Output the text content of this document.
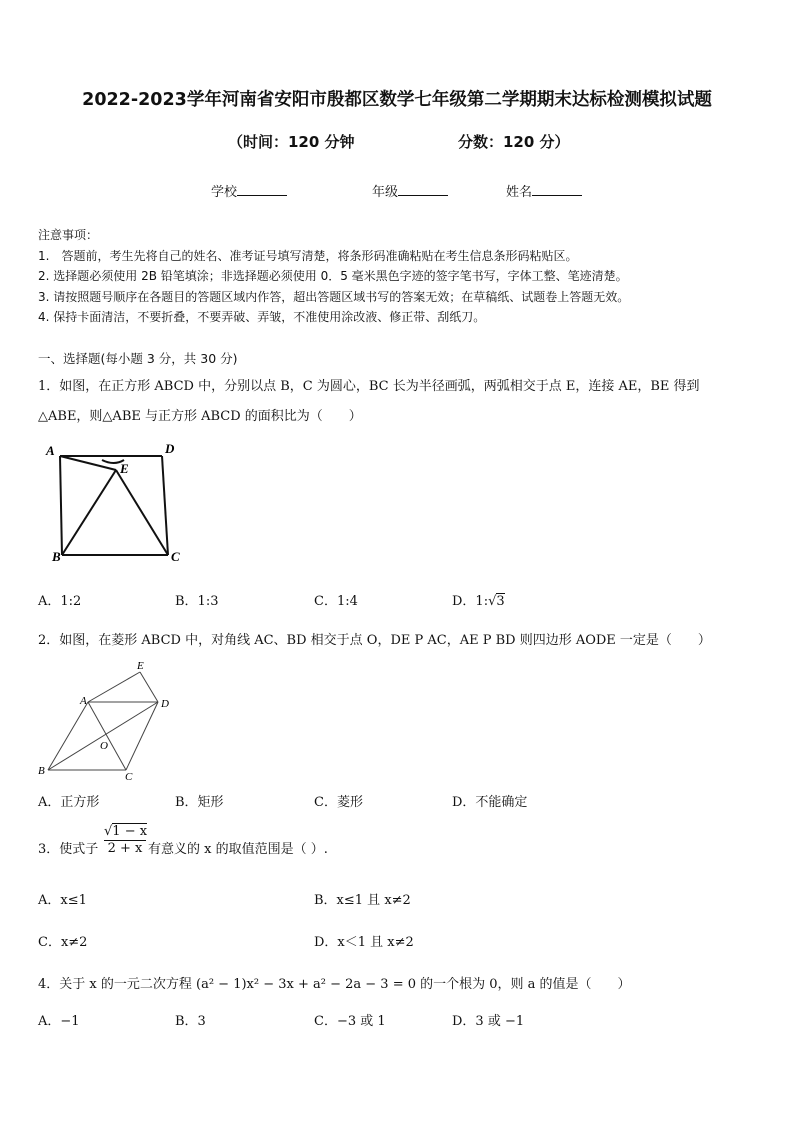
2022-2023学年河南省安阳市殷都区数学七年级第二学期期末达标检测模拟试题
（时间：120 分钟	分数：120 分）
学校	年级	姓名
注意事项：
1.　答题前，考生先将自己的姓名、准考证号填写清楚，将条形码准确粘贴在考生信息条形码粘贴区。
2. 选择题必须使用 2B 铅笔填涂；非选择题必须使用 0．5 毫米黑色字迹的签字笔书写，字体工整、笔迹清楚。
3. 请按照题号顺序在各题目的答题区域内作答，超出答题区域书写的答案无效；在草稿纸、试题卷上答题无效。
4. 保持卡面清洁，不要折叠，不要弄破、弄皱，不准使用涂改液、修正带、刮纸刀。
一、选择题(每小题 3 分，共 30 分)
1．如图，在正方形 ABCD 中，分别以点 B，C 为圆心，BC 长为半径画弧，两弧相交于点 E，连接 AE，BE 得到
△ABE，则△ABE 与正方形 ABCD 的面积比为（　　）
A	D
E
B	C
A．1:2	B．1:3	C．1:4	D．1:√3
2．如图，在菱形 ABCD 中，对角线 AC、BD 相交于点 O，DE P AC，AE P BD 则四边形 AODE 一定是（　　）
E
A	D
O
B	C
A．正方形	B．矩形	C．菱形	D．不能确定
3．使式子 $\frac{√1 - x}{2 + x}$ 有意义的 x 的取值范围是（ ）.
A．x≤1	B．x≤1 且 x≠2
C．x≠2	D．x＜1 且 x≠2
4．关于 x 的一元二次方程 (a² − 1)x² − 3x + a² − 2a − 3 = 0 的一个根为 0，则 a 的值是（　　）
A．−1	B．3	C．−3 或 1	D．3 或 −1
